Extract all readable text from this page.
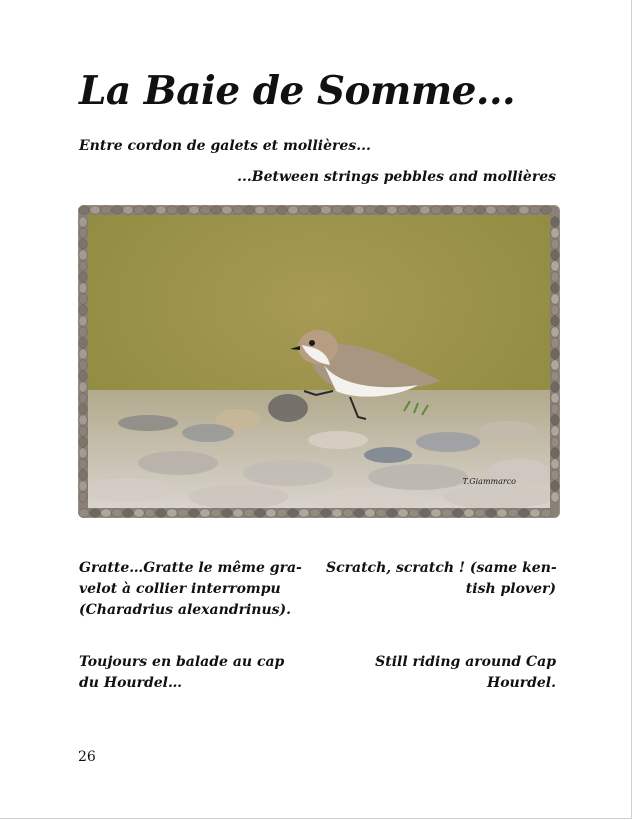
La Baie de Somme...
Entre cordon de galets et mollières...
...Between strings pebbles and mollières
T.Giammarco
Gratte…Gratte le même gra-
velot à collier interrompu
(Charadrius alexandrinus).
Scratch, scratch ! (same ken-
tish plover)
Toujours en balade au cap
du Hourdel…
Still riding around Cap
Hourdel.
26
